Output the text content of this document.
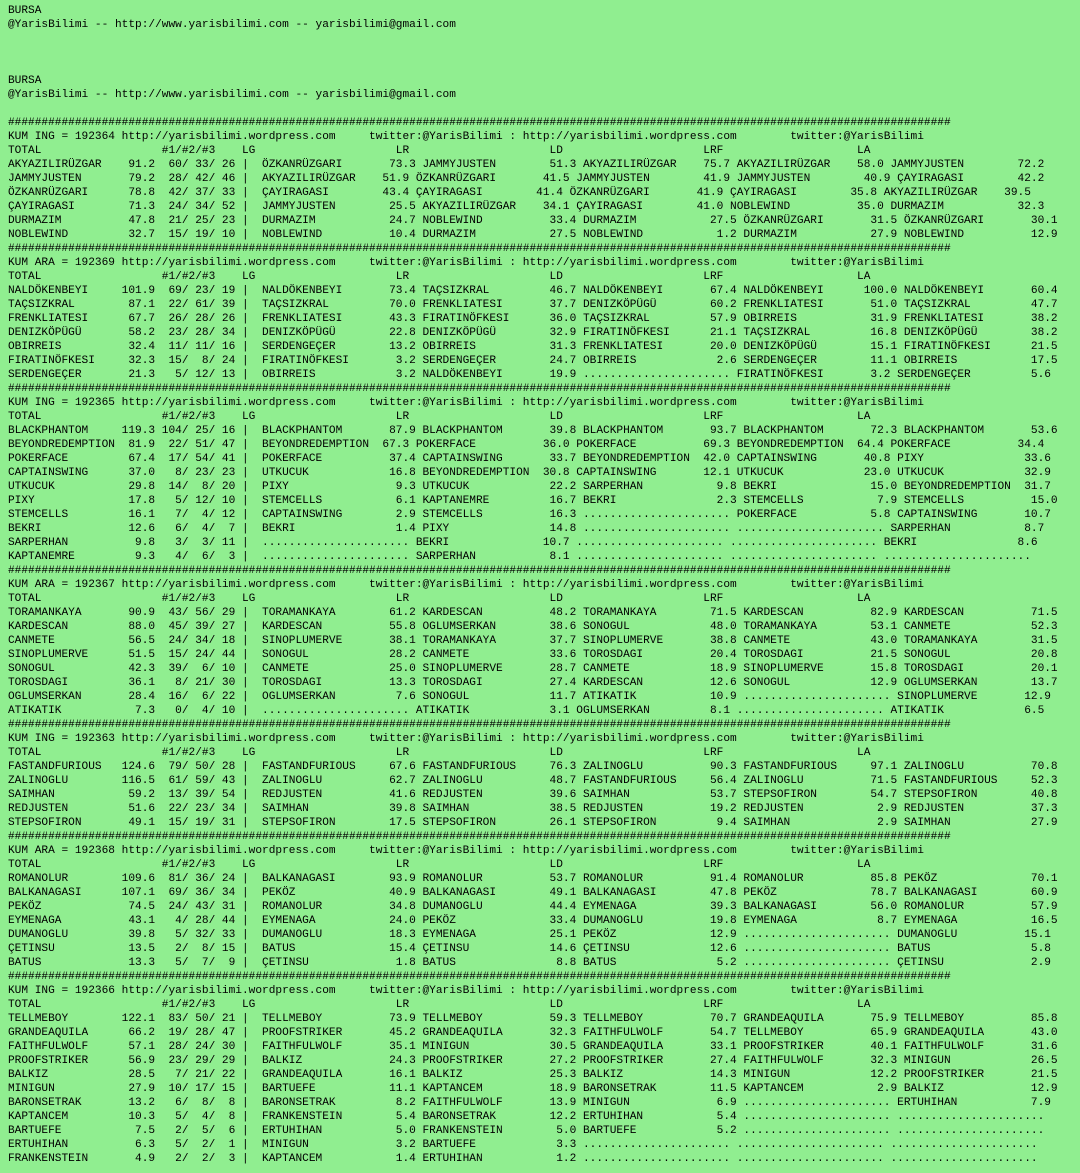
BURSA
@YarisBilimi -- http://www.yarisbilimi.com -- yarisbilimi@gmail.com

BURSA
@YarisBilimi -- http://www.yarisbilimi.com -- yarisbilimi@gmail.com

#############################################################################################################################################
KUM ING = 192364 http://yarisbilimi.wordpress.com     twitter:@YarisBilimi : http://yarisbilimi.wordpress.com        twitter:@YarisBilimi
TOTAL                  #1/#2/#3    LG                     LR                     LD                     LRF                    LA
AKYAZILIRÜZGAR    91.2  60/ 33/ 26 |  ÖZKANRÜZGARI       73.3 JAMMYJUSTEN        51.3 AKYAZILIRÜZGAR    75.7 AKYAZILIRÜZGAR    58.0 JAMMYJUSTEN        72.2
JAMMYJUSTEN       79.2  28/ 42/ 46 |  AKYAZILIRÜZGAR    51.9 ÖZKANRÜZGARI       41.5 JAMMYJUSTEN        41.9 JAMMYJUSTEN        40.9 ÇAYIRAGASI        42.2
ÖZKANRÜZGARI      78.8  42/ 37/ 33 |  ÇAYIRAGASI        43.4 ÇAYIRAGASI        41.4 ÖZKANRÜZGARI       41.9 ÇAYIRAGASI        35.8 AKYAZILIRÜZGAR    39.5
ÇAYIRAGASI        71.3  24/ 34/ 52 |  JAMMYJUSTEN        25.5 AKYAZILIRÜZGAR    34.1 ÇAYIRAGASI        41.0 NOBLEWIND          35.0 DURMAZIM           32.3
DURMAZIM          47.8  21/ 25/ 23 |  DURMAZIM           24.7 NOBLEWIND          33.4 DURMAZIM           27.5 ÖZKANRÜZGARI       31.5 ÖZKANRÜZGARI       30.1
NOBLEWIND         32.7  15/ 19/ 10 |  NOBLEWIND          10.4 DURMAZIM           27.5 NOBLEWIND           1.2 DURMAZIM           27.9 NOBLEWIND          12.9
#############################################################################################################################################
KUM ARA = 192369 http://yarisbilimi.wordpress.com     twitter:@YarisBilimi : http://yarisbilimi.wordpress.com        twitter:@YarisBilimi
TOTAL                  #1/#2/#3    LG                     LR                     LD                     LRF                    LA
NALDÖKENBEYI     101.9  69/ 23/ 19 |  NALDÖKENBEYI       73.4 TAÇSIZKRAL         46.7 NALDÖKENBEYI       67.4 NALDÖKENBEYI      100.0 NALDÖKENBEYI       60.4
TAÇSIZKRAL        87.1  22/ 61/ 39 |  TAÇSIZKRAL         70.0 FRENKLIATESI       37.7 DENIZKÖPÜGÜ        60.2 FRENKLIATESI       51.0 TAÇSIZKRAL         47.7
FRENKLIATESI      67.7  26/ 28/ 26 |  FRENKLIATESI       43.3 FIRATINÖFKESI      36.0 TAÇSIZKRAL         57.9 OBIRREIS           31.9 FRENKLIATESI       38.2
DENIZKÖPÜGÜ       58.2  23/ 28/ 34 |  DENIZKÖPÜGÜ        22.8 DENIZKÖPÜGÜ        32.9 FIRATINÖFKESI      21.1 TAÇSIZKRAL         16.8 DENIZKÖPÜGÜ        38.2
OBIRREIS          32.4  11/ 11/ 16 |  SERDENGEÇER        13.2 OBIRREIS           31.3 FRENKLIATESI       20.0 DENIZKÖPÜGÜ        15.1 FIRATINÖFKESI      21.5
FIRATINÖFKESI     32.3  15/  8/ 24 |  FIRATINÖFKESI       3.2 SERDENGEÇER        24.7 OBIRREIS            2.6 SERDENGEÇER        11.1 OBIRREIS           17.5
SERDENGEÇER       21.3   5/ 12/ 13 |  OBIRREIS            3.2 NALDÖKENBEYI       19.9 ...................... FIRATINÖFKESI       3.2 SERDENGEÇER         5.6
#############################################################################################################################################
KUM ING = 192365 http://yarisbilimi.wordpress.com     twitter:@YarisBilimi : http://yarisbilimi.wordpress.com        twitter:@YarisBilimi
TOTAL                  #1/#2/#3    LG                     LR                     LD                     LRF                    LA
BLACKPHANTOM     119.3 104/ 25/ 16 |  BLACKPHANTOM       87.9 BLACKPHANTOM       39.8 BLACKPHANTOM       93.7 BLACKPHANTOM       72.3 BLACKPHANTOM       53.6
BEYONDREDEMPTION  81.9  22/ 51/ 47 |  BEYONDREDEMPTION  67.3 POKERFACE          36.0 POKERFACE          69.3 BEYONDREDEMPTION  64.4 POKERFACE          34.4
POKERFACE         67.4  17/ 54/ 41 |  POKERFACE          37.4 CAPTAINSWING       33.7 BEYONDREDEMPTION  42.0 CAPTAINSWING       40.8 PIXY               33.6
CAPTAINSWING      37.0   8/ 23/ 23 |  UTKUCUK            16.8 BEYONDREDEMPTION  30.8 CAPTAINSWING       12.1 UTKUCUK            23.0 UTKUCUK            32.9
UTKUCUK           29.8  14/  8/ 20 |  PIXY                9.3 UTKUCUK            22.2 SARPERHAN           9.8 BEKRI              15.0 BEYONDREDEMPTION  31.7
PIXY              17.8   5/ 12/ 10 |  STEMCELLS           6.1 KAPTANEMRE         16.7 BEKRI               2.3 STEMCELLS           7.9 STEMCELLS          15.0
STEMCELLS         16.1   7/  4/ 12 |  CAPTAINSWING        2.9 STEMCELLS          16.3 ...................... POKERFACE           5.8 CAPTAINSWING       10.7
BEKRI             12.6   6/  4/  7 |  BEKRI               1.4 PIXY               14.8 ...................... ...................... SARPERHAN           8.7
SARPERHAN          9.8   3/  3/ 11 |  ...................... BEKRI              10.7 ...................... ...................... BEKRI               8.6
KAPTANEMRE         9.3   4/  6/  3 |  ...................... SARPERHAN           8.1 ...................... ...................... ......................
#############################################################################################################################################
KUM ARA = 192367 http://yarisbilimi.wordpress.com     twitter:@YarisBilimi : http://yarisbilimi.wordpress.com        twitter:@YarisBilimi
TOTAL                  #1/#2/#3    LG                     LR                     LD                     LRF                    LA
TORAMANKAYA       90.9  43/ 56/ 29 |  TORAMANKAYA        61.2 KARDESCAN          48.2 TORAMANKAYA        71.5 KARDESCAN          82.9 KARDESCAN          71.5
KARDESCAN         88.0  45/ 39/ 27 |  KARDESCAN          55.8 OGLUMSERKAN        38.6 SONOGUL            48.0 TORAMANKAYA        53.1 CANMETE            52.3
CANMETE           56.5  24/ 34/ 18 |  SINOPLUMERVE       38.1 TORAMANKAYA        37.7 SINOPLUMERVE       38.8 CANMETE            43.0 TORAMANKAYA        31.5
SINOPLUMERVE      51.5  15/ 24/ 44 |  SONOGUL            28.2 CANMETE            33.6 TOROSDAGI          20.4 TOROSDAGI          21.5 SONOGUL            20.8
SONOGUL           42.3  39/  6/ 10 |  CANMETE            25.0 SINOPLUMERVE       28.7 CANMETE            18.9 SINOPLUMERVE       15.8 TOROSDAGI          20.1
TOROSDAGI         36.1   8/ 21/ 30 |  TOROSDAGI          13.3 TOROSDAGI          27.4 KARDESCAN          12.6 SONOGUL            12.9 OGLUMSERKAN        13.7
OGLUMSERKAN       28.4  16/  6/ 22 |  OGLUMSERKAN         7.6 SONOGUL            11.7 ATIKATIK           10.9 ...................... SINOPLUMERVE       12.9
ATIKATIK           7.3   0/  4/ 10 |  ...................... ATIKATIK            3.1 OGLUMSERKAN         8.1 ...................... ATIKATIK            6.5
#############################################################################################################################################
KUM ING = 192363 http://yarisbilimi.wordpress.com     twitter:@YarisBilimi : http://yarisbilimi.wordpress.com        twitter:@YarisBilimi
TOTAL                  #1/#2/#3    LG                     LR                     LD                     LRF                    LA
FASTANDFURIOUS   124.6  79/ 50/ 28 |  FASTANDFURIOUS     67.6 FASTANDFURIOUS     76.3 ZALINOGLU          90.3 FASTANDFURIOUS     97.1 ZALINOGLU          70.8
ZALINOGLU        116.5  61/ 59/ 43 |  ZALINOGLU          62.7 ZALINOGLU          48.7 FASTANDFURIOUS     56.4 ZALINOGLU          71.5 FASTANDFURIOUS     52.3
SAIMHAN           59.2  13/ 39/ 54 |  REDJUSTEN          41.6 REDJUSTEN          39.6 SAIMHAN            53.7 STEPSOFIRON        54.7 STEPSOFIRON        40.8
REDJUSTEN         51.6  22/ 23/ 34 |  SAIMHAN            39.8 SAIMHAN            38.5 REDJUSTEN          19.2 REDJUSTEN           2.9 REDJUSTEN          37.3
STEPSOFIRON       49.1  15/ 19/ 31 |  STEPSOFIRON        17.5 STEPSOFIRON        26.1 STEPSOFIRON         9.4 SAIMHAN             2.9 SAIMHAN            27.9
#############################################################################################################################################
KUM ARA = 192368 http://yarisbilimi.wordpress.com     twitter:@YarisBilimi : http://yarisbilimi.wordpress.com        twitter:@YarisBilimi
TOTAL                  #1/#2/#3    LG                     LR                     LD                     LRF                    LA
ROMANOLUR        109.6  81/ 36/ 24 |  BALKANAGASI        93.9 ROMANOLUR          53.7 ROMANOLUR          91.4 ROMANOLUR          85.8 PEKÖZ              70.1
BALKANAGASI      107.1  69/ 36/ 34 |  PEKÖZ              40.9 BALKANAGASI        49.1 BALKANAGASI        47.8 PEKÖZ              78.7 BALKANAGASI        60.9
PEKÖZ             74.5  24/ 43/ 31 |  ROMANOLUR          34.8 DUMANOGLU          44.4 EYMENAGA           39.3 BALKANAGASI        56.0 ROMANOLUR          57.9
EYMENAGA          43.1   4/ 28/ 44 |  EYMENAGA           24.0 PEKÖZ              33.4 DUMANOGLU          19.8 EYMENAGA            8.7 EYMENAGA           16.5
DUMANOGLU         39.8   5/ 32/ 33 |  DUMANOGLU          18.3 EYMENAGA           25.1 PEKÖZ              12.9 ...................... DUMANOGLU          15.1
ÇETINSU           13.5   2/  8/ 15 |  BATUS              15.4 ÇETINSU            14.6 ÇETINSU            12.6 ...................... BATUS               5.8
BATUS             13.3   5/  7/  9 |  ÇETINSU             1.8 BATUS               8.8 BATUS               5.2 ...................... ÇETINSU             2.9
#############################################################################################################################################
KUM ING = 192366 http://yarisbilimi.wordpress.com     twitter:@YarisBilimi : http://yarisbilimi.wordpress.com        twitter:@YarisBilimi
TOTAL                  #1/#2/#3    LG                     LR                     LD                     LRF                    LA
TELLMEBOY        122.1  83/ 50/ 21 |  TELLMEBOY          73.9 TELLMEBOY          59.3 TELLMEBOY          70.7 GRANDEAQUILA       75.9 TELLMEBOY          85.8
GRANDEAQUILA      66.2  19/ 28/ 47 |  PROOFSTRIKER       45.2 GRANDEAQUILA       32.3 FAITHFULWOLF       54.7 TELLMEBOY          65.9 GRANDEAQUILA       43.0
FAITHFULWOLF      57.1  28/ 24/ 30 |  FAITHFULWOLF       35.1 MINIGUN            30.5 GRANDEAQUILA       33.1 PROOFSTRIKER       40.1 FAITHFULWOLF       31.6
PROOFSTRIKER      56.9  23/ 29/ 29 |  BALKIZ             24.3 PROOFSTRIKER       27.2 PROOFSTRIKER       27.4 FAITHFULWOLF       32.3 MINIGUN            26.5
BALKIZ            28.5   7/ 21/ 22 |  GRANDEAQUILA       16.1 BALKIZ             25.3 BALKIZ             14.3 MINIGUN            12.2 PROOFSTRIKER       21.5
MINIGUN           27.9  10/ 17/ 15 |  BARTUEFE           11.1 KAPTANCEM          18.9 BARONSETRAK        11.5 KAPTANCEM           2.9 BALKIZ             12.9
BARONSETRAK       13.2   6/  8/  8 |  BARONSETRAK         8.2 FAITHFULWOLF       13.9 MINIGUN             6.9 ...................... ERTUHIHAN           7.9
KAPTANCEM         10.3   5/  4/  8 |  FRANKENSTEIN        5.4 BARONSETRAK        12.2 ERTUHIHAN           5.4 ...................... ......................
BARTUEFE           7.5   2/  5/  6 |  ERTUHIHAN           5.0 FRANKENSTEIN        5.0 BARTUEFE            5.2 ...................... ......................
ERTUHIHAN          6.3   5/  2/  1 |  MINIGUN             3.2 BARTUEFE            3.3 ...................... ...................... ......................
FRANKENSTEIN       4.9   2/  2/  3 |  KAPTANCEM           1.4 ERTUHIHAN           1.2 ...................... ...................... ......................
